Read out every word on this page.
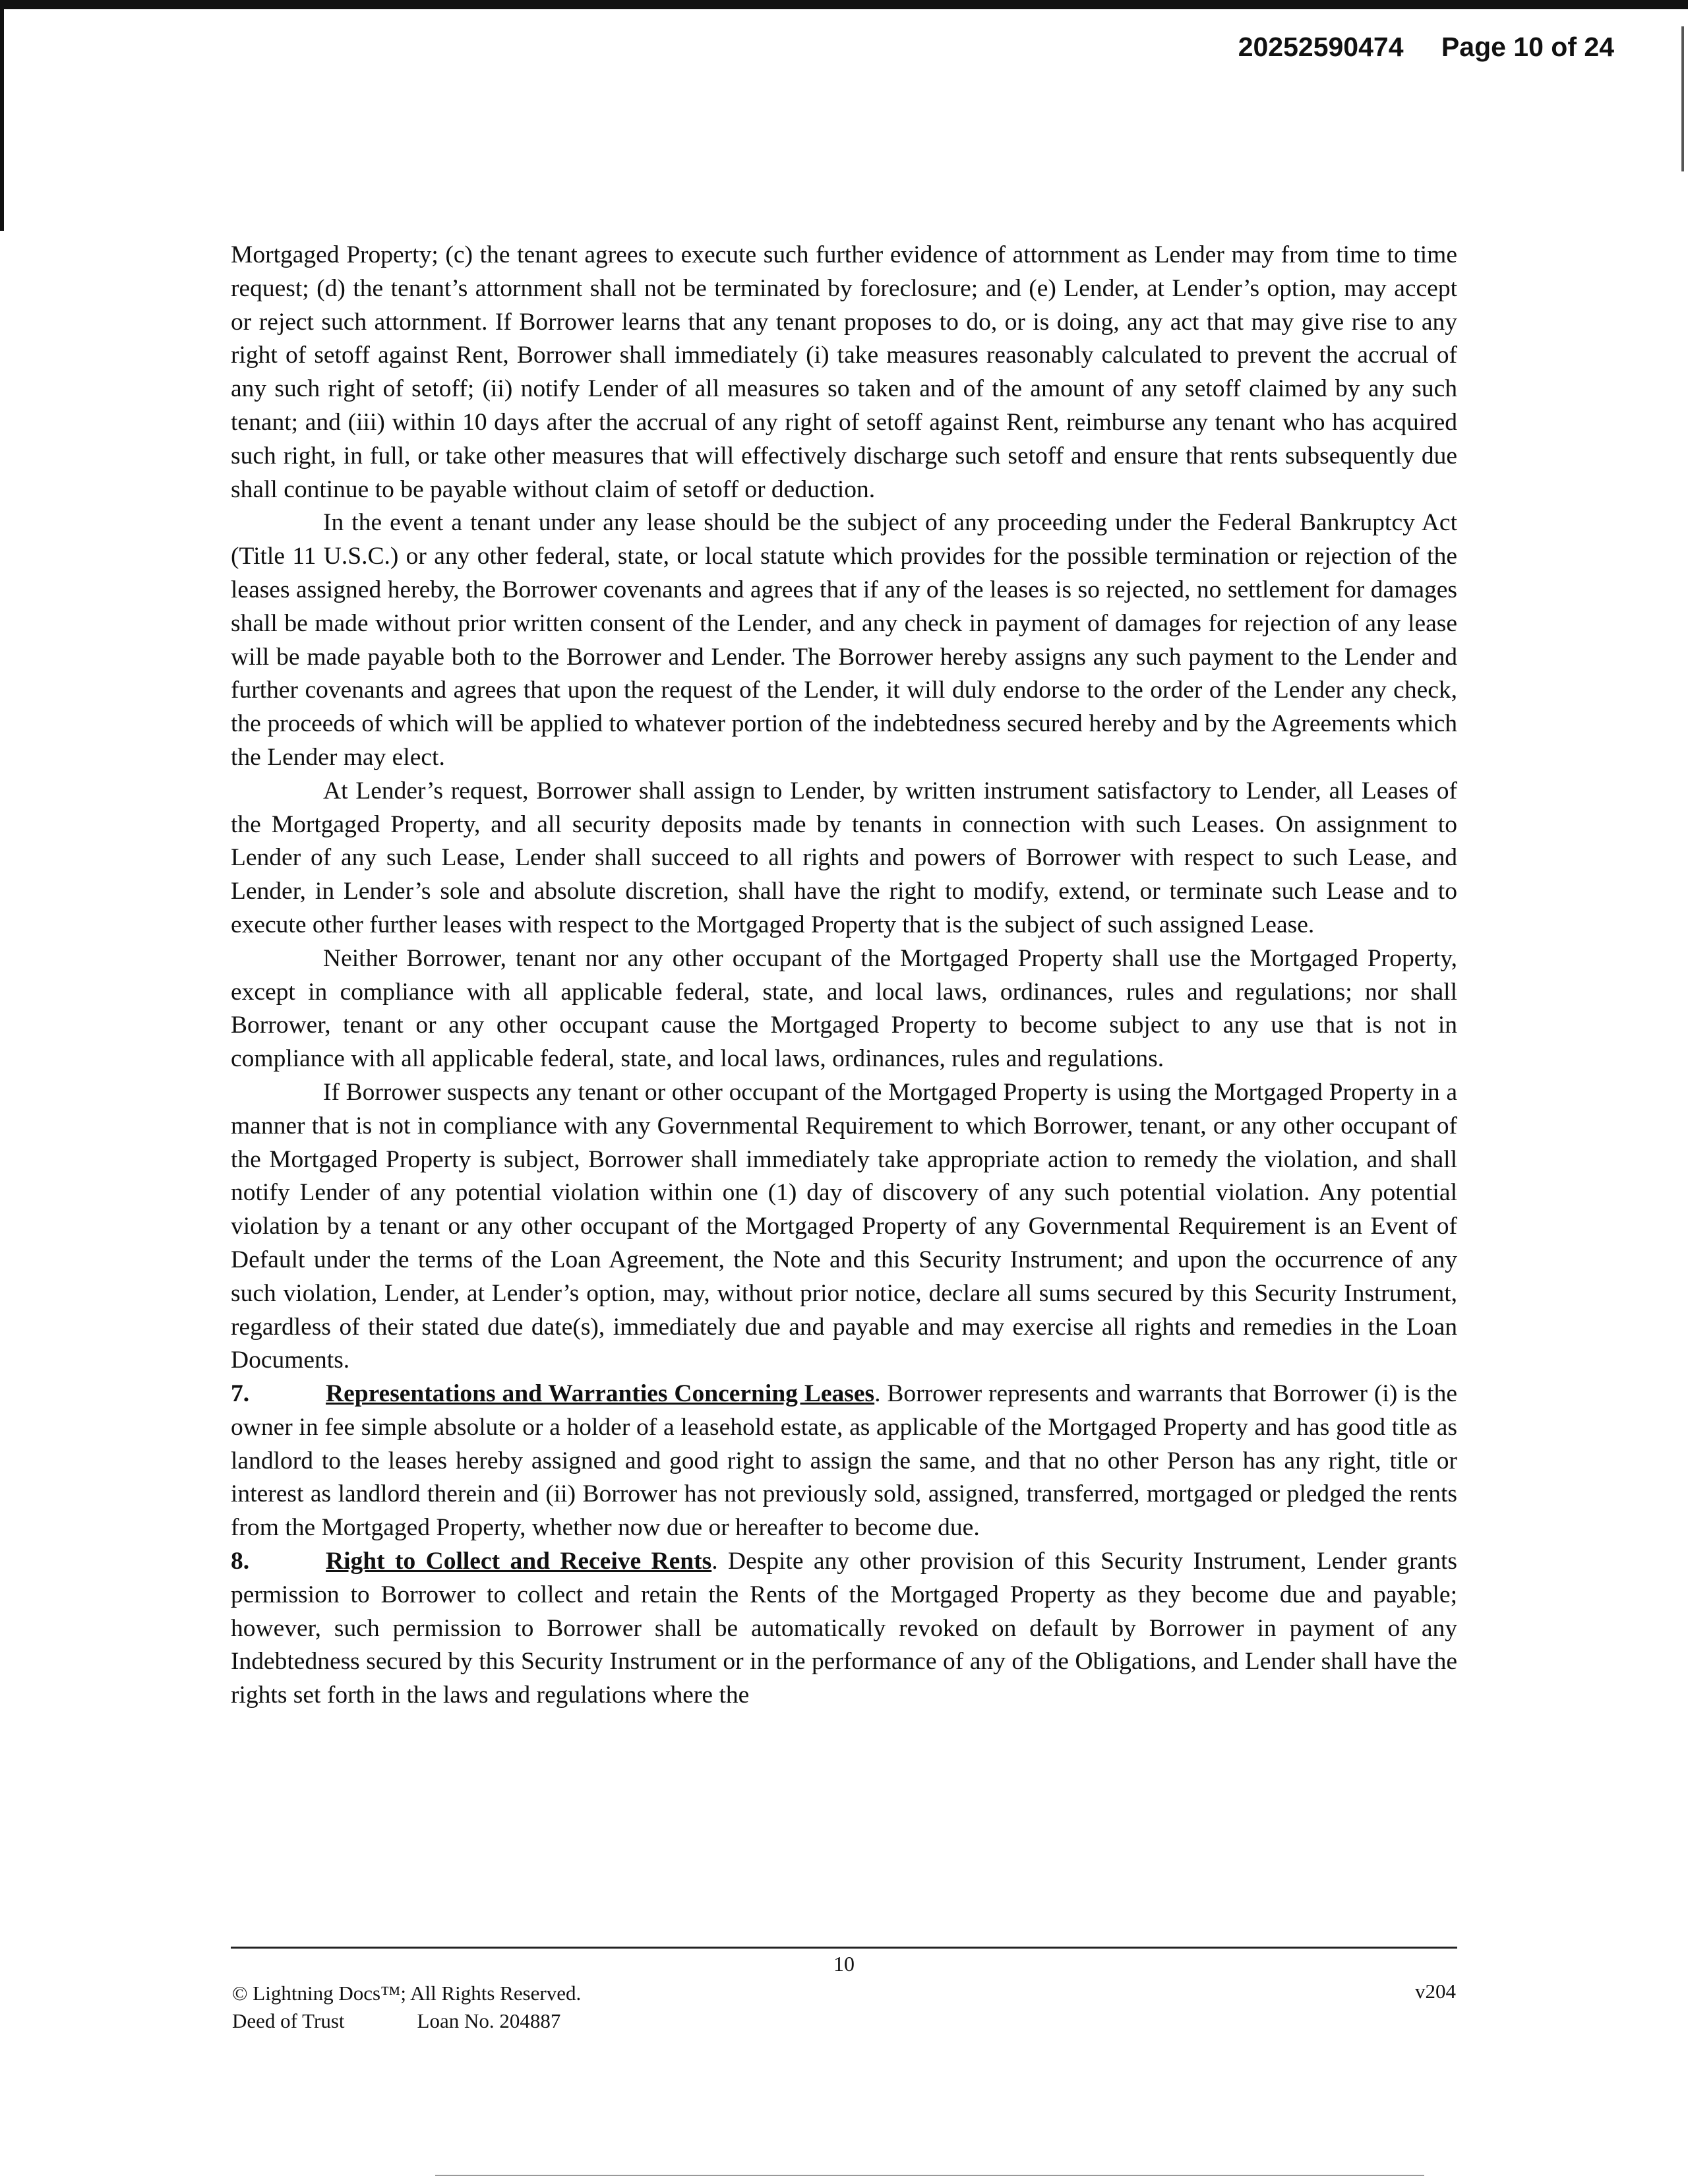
20252590474 Page 10 of 24

Mortgaged Property; (c) the tenant agrees to execute such further evidence of attornment as Lender may from time to time request; (d) the tenant’s attornment shall not be terminated by foreclosure; and (e) Lender, at Lender’s option, may accept or reject such attornment. If Borrower learns that any tenant proposes to do, or is doing, any act that may give rise to any right of setoff against Rent, Borrower shall immediately (i) take measures reasonably calculated to prevent the accrual of any such right of setoff; (ii) notify Lender of all measures so taken and of the amount of any setoff claimed by any such tenant; and (iii) within 10 days after the accrual of any right of setoff against Rent, reimburse any tenant who has acquired such right, in full, or take other measures that will effectively discharge such setoff and ensure that rents subsequently due shall continue to be payable without claim of setoff or deduction.

In the event a tenant under any lease should be the subject of any proceeding under the Federal Bankruptcy Act (Title 11 U.S.C.) or any other federal, state, or local statute which provides for the possible termination or rejection of the leases assigned hereby, the Borrower covenants and agrees that if any of the leases is so rejected, no settlement for damages shall be made without prior written consent of the Lender, and any check in payment of damages for rejection of any lease will be made payable both to the Borrower and Lender. The Borrower hereby assigns any such payment to the Lender and further covenants and agrees that upon the request of the Lender, it will duly endorse to the order of the Lender any check, the proceeds of which will be applied to whatever portion of the indebtedness secured hereby and by the Agreements which the Lender may elect.

At Lender’s request, Borrower shall assign to Lender, by written instrument satisfactory to Lender, all Leases of the Mortgaged Property, and all security deposits made by tenants in connection with such Leases. On assignment to Lender of any such Lease, Lender shall succeed to all rights and powers of Borrower with respect to such Lease, and Lender, in Lender’s sole and absolute discretion, shall have the right to modify, extend, or terminate such Lease and to execute other further leases with respect to the Mortgaged Property that is the subject of such assigned Lease.

Neither Borrower, tenant nor any other occupant of the Mortgaged Property shall use the Mortgaged Property, except in compliance with all applicable federal, state, and local laws, ordinances, rules and regulations; nor shall Borrower, tenant or any other occupant cause the Mortgaged Property to become subject to any use that is not in compliance with all applicable federal, state, and local laws, ordinances, rules and regulations.

If Borrower suspects any tenant or other occupant of the Mortgaged Property is using the Mortgaged Property in a manner that is not in compliance with any Governmental Requirement to which Borrower, tenant, or any other occupant of the Mortgaged Property is subject, Borrower shall immediately take appropriate action to remedy the violation, and shall notify Lender of any potential violation within one (1) day of discovery of any such potential violation. Any potential violation by a tenant or any other occupant of the Mortgaged Property of any Governmental Requirement is an Event of Default under the terms of the Loan Agreement, the Note and this Security Instrument; and upon the occurrence of any such violation, Lender, at Lender’s option, may, without prior notice, declare all sums secured by this Security Instrument, regardless of their stated due date(s), immediately due and payable and may exercise all rights and remedies in the Loan Documents.

7.	Representations and Warranties Concerning Leases. Borrower represents and warrants that Borrower (i) is the owner in fee simple absolute or a holder of a leasehold estate, as applicable of the Mortgaged Property and has good title as landlord to the leases hereby assigned and good right to assign the same, and that no other Person has any right, title or interest as landlord therein and (ii) Borrower has not previously sold, assigned, transferred, mortgaged or pledged the rents from the Mortgaged Property, whether now due or hereafter to become due.

8.	Right to Collect and Receive Rents. Despite any other provision of this Security Instrument, Lender grants permission to Borrower to collect and retain the Rents of the Mortgaged Property as they become due and payable; however, such permission to Borrower shall be automatically revoked on default by Borrower in payment of any Indebtedness secured by this Security Instrument or in the performance of any of the Obligations, and Lender shall have the rights set forth in the laws and regulations where the

10
© Lightning Docs™; All Rights Reserved.
Deed of Trust	Loan No. 204887
v204
